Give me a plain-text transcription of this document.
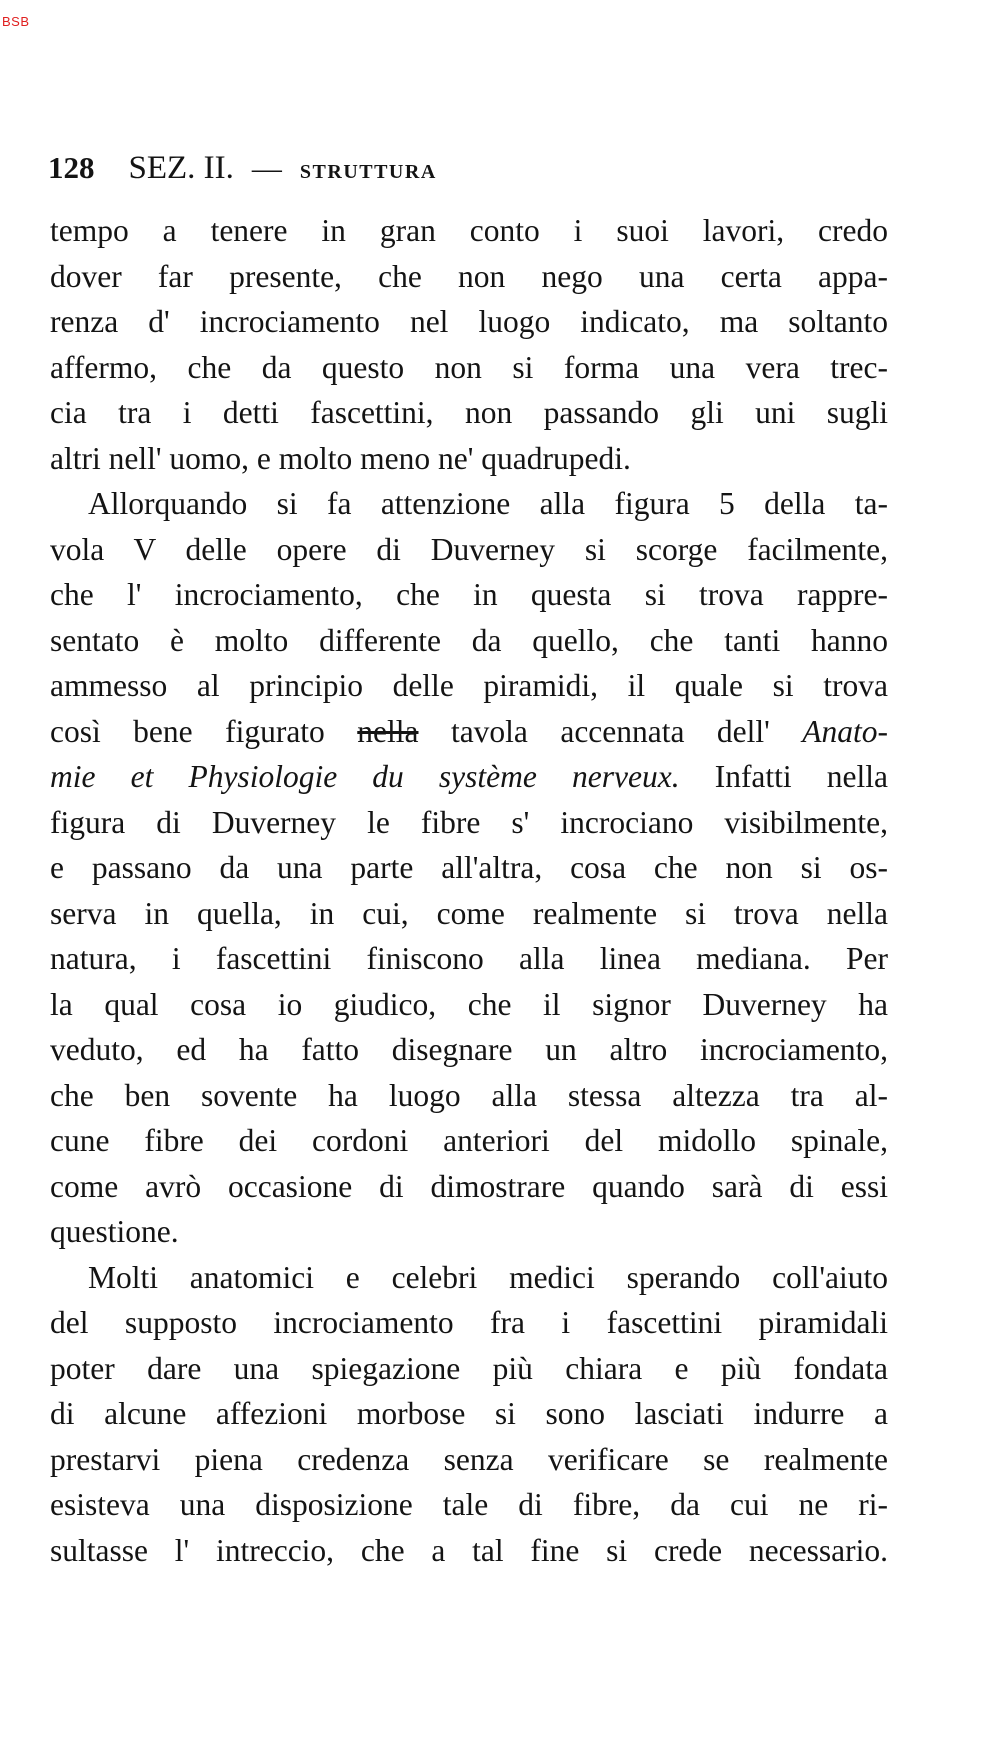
BSB
128 SEZ. II. — STRUTTURA
tempo a tenere in gran conto i suoi lavori, credo
dover far presente, che non nego una certa appa-
renza d' incrociamento nel luogo indicato, ma soltanto
affermo, che da questo non si forma una vera trec-
cia tra i detti fascettini, non passando gli uni sugli
altri nell' uomo, e molto meno ne' quadrupedi.
Allorquando si fa attenzione alla figura 5 della ta-
vola V delle opere di Duverney si scorge facilmente,
che l' incrociamento, che in questa si trova rappre-
sentato è molto differente da quello, che tanti hanno
ammesso al principio delle piramidi, il quale si trova
così bene figurato nella tavola accennata dell' Anato-
mie et Physiologie du système nerveux. Infatti nella
figura di Duverney le fibre s' incrociano visibilmente,
e passano da una parte all'altra, cosa che non si os-
serva in quella, in cui, come realmente si trova nella
natura, i fascettini finiscono alla linea mediana. Per
la qual cosa io giudico, che il signor Duverney ha
veduto, ed ha fatto disegnare un altro incrociamento,
che ben sovente ha luogo alla stessa altezza tra al-
cune fibre dei cordoni anteriori del midollo spinale,
come avrò occasione di dimostrare quando sarà di essi
questione.
Molti anatomici e celebri medici sperando coll'aiuto
del supposto incrociamento fra i fascettini piramidali
poter dare una spiegazione più chiara e più fondata
di alcune affezioni morbose si sono lasciati indurre a
prestarvi piena credenza senza verificare se realmente
esisteva una disposizione tale di fibre, da cui ne ri-
sultasse l' intreccio, che a tal fine si crede necessario.
